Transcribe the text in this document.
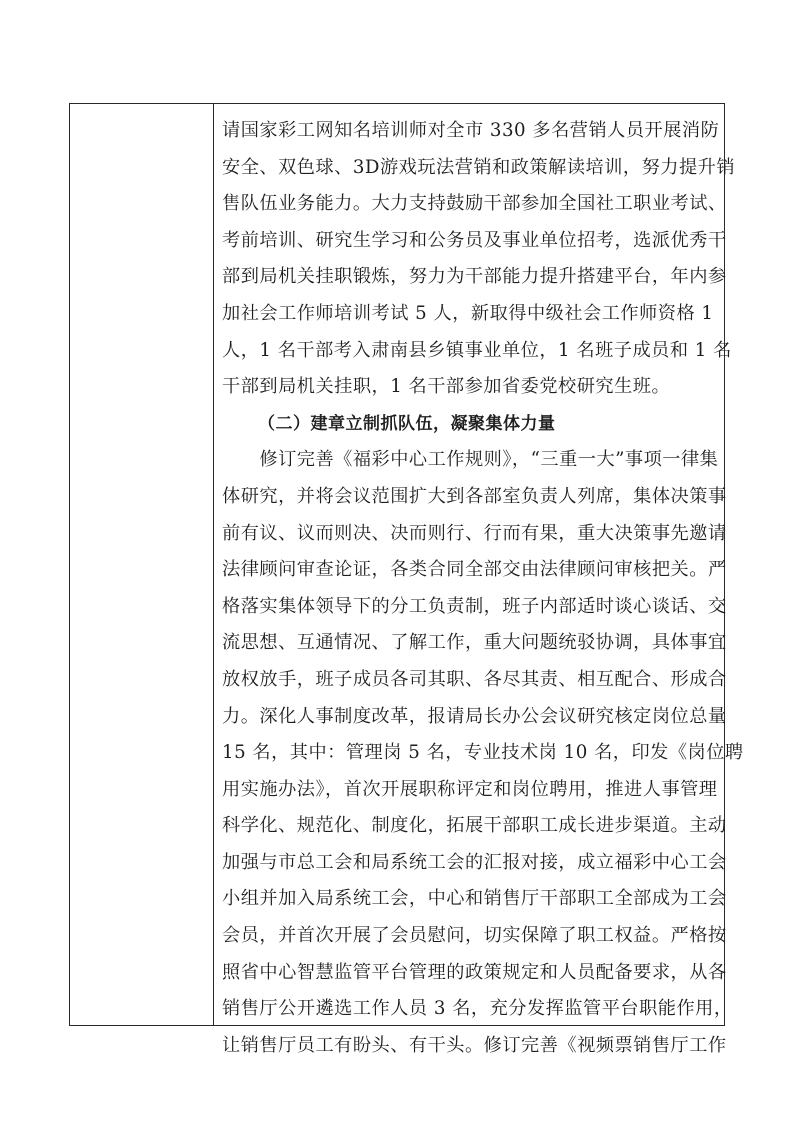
请国家彩工网知名培训师对全市 330 多名营销人员开展消防
安全、双色球、3D游戏玩法营销和政策解读培训，努力提升销
售队伍业务能力。大力支持鼓励干部参加全国社工职业考试、
考前培训、研究生学习和公务员及事业单位招考，选派优秀干
部到局机关挂职锻炼，努力为干部能力提升搭建平台，年内参
加社会工作师培训考试 5 人，新取得中级社会工作师资格 1
人，1 名干部考入肃南县乡镇事业单位，1 名班子成员和 1 名
干部到局机关挂职，1 名干部参加省委党校研究生班。
（二）建章立制抓队伍，凝聚集体力量
　　修订完善《福彩中心工作规则》，“三重一大”事项一律集
体研究，并将会议范围扩大到各部室负责人列席，集体决策事
前有议、议而则决、决而则行、行而有果，重大决策事先邀请
法律顾问审查论证，各类合同全部交由法律顾问审核把关。严
格落实集体领导下的分工负责制，班子内部适时谈心谈话、交
流思想、互通情况、了解工作，重大问题统驳协调，具体事宜
放权放手，班子成员各司其职、各尽其责、相互配合、形成合
力。深化人事制度改革，报请局长办公会议研究核定岗位总量
15 名，其中：管理岗 5 名，专业技术岗 10 名，印发《岗位聘
用实施办法》，首次开展职称评定和岗位聘用，推进人事管理
科学化、规范化、制度化，拓展干部职工成长进步渠道。主动
加强与市总工会和局系统工会的汇报对接，成立福彩中心工会
小组并加入局系统工会，中心和销售厅干部职工全部成为工会
会员，并首次开展了会员慰问，切实保障了职工权益。严格按
照省中心智慧监管平台管理的政策规定和人员配备要求，从各
销售厅公开遴选工作人员 3 名，充分发挥监管平台职能作用，
让销售厅员工有盼头、有干头。修订完善《视频票销售厅工作
